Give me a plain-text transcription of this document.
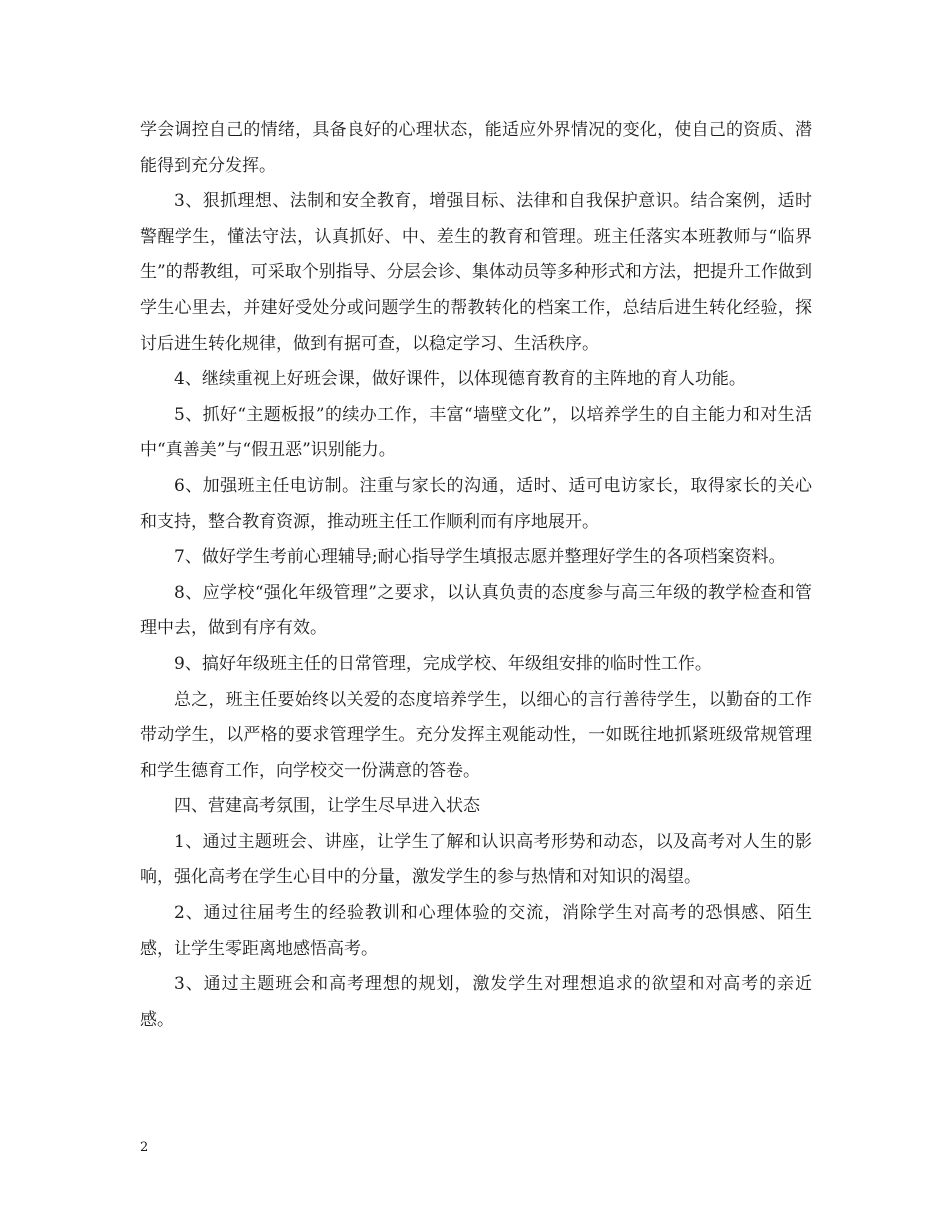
学会调控自己的情绪，具备良好的心理状态，能适应外界情况的变化，使自己的资质、潜能得到充分发挥。

3、狠抓理想、法制和安全教育，增强目标、法律和自我保护意识。结合案例，适时警醒学生，懂法守法，认真抓好、中、差生的教育和管理。班主任落实本班教师与“临界生”的帮教组，可采取个别指导、分层会诊、集体动员等多种形式和方法，把提升工作做到学生心里去，并建好受处分或问题学生的帮教转化的档案工作，总结后进生转化经验，探讨后进生转化规律，做到有据可查，以稳定学习、生活秩序。

4、继续重视上好班会课，做好课件，以体现德育教育的主阵地的育人功能。

5、抓好“主题板报”的续办工作，丰富“墙壁文化”，以培养学生的自主能力和对生活中“真善美”与“假丑恶”识别能力。

6、加强班主任电访制。注重与家长的沟通，适时、适可电访家长，取得家长的关心和支持，整合教育资源，推动班主任工作顺利而有序地展开。

7、做好学生考前心理辅导;耐心指导学生填报志愿并整理好学生的各项档案资料。

8、应学校“强化年级管理”之要求，以认真负责的态度参与高三年级的教学检查和管理中去，做到有序有效。

9、搞好年级班主任的日常管理，完成学校、年级组安排的临时性工作。

总之，班主任要始终以关爱的态度培养学生，以细心的言行善待学生，以勤奋的工作带动学生，以严格的要求管理学生。充分发挥主观能动性，一如既往地抓紧班级常规管理和学生德育工作，向学校交一份满意的答卷。

四、营建高考氛围，让学生尽早进入状态

1、通过主题班会、讲座，让学生了解和认识高考形势和动态，以及高考对人生的影响，强化高考在学生心目中的分量，激发学生的参与热情和对知识的渴望。

2、通过往届考生的经验教训和心理体验的交流，消除学生对高考的恐惧感、陌生感，让学生零距离地感悟高考。

3、通过主题班会和高考理想的规划，激发学生对理想追求的欲望和对高考的亲近感。

2
